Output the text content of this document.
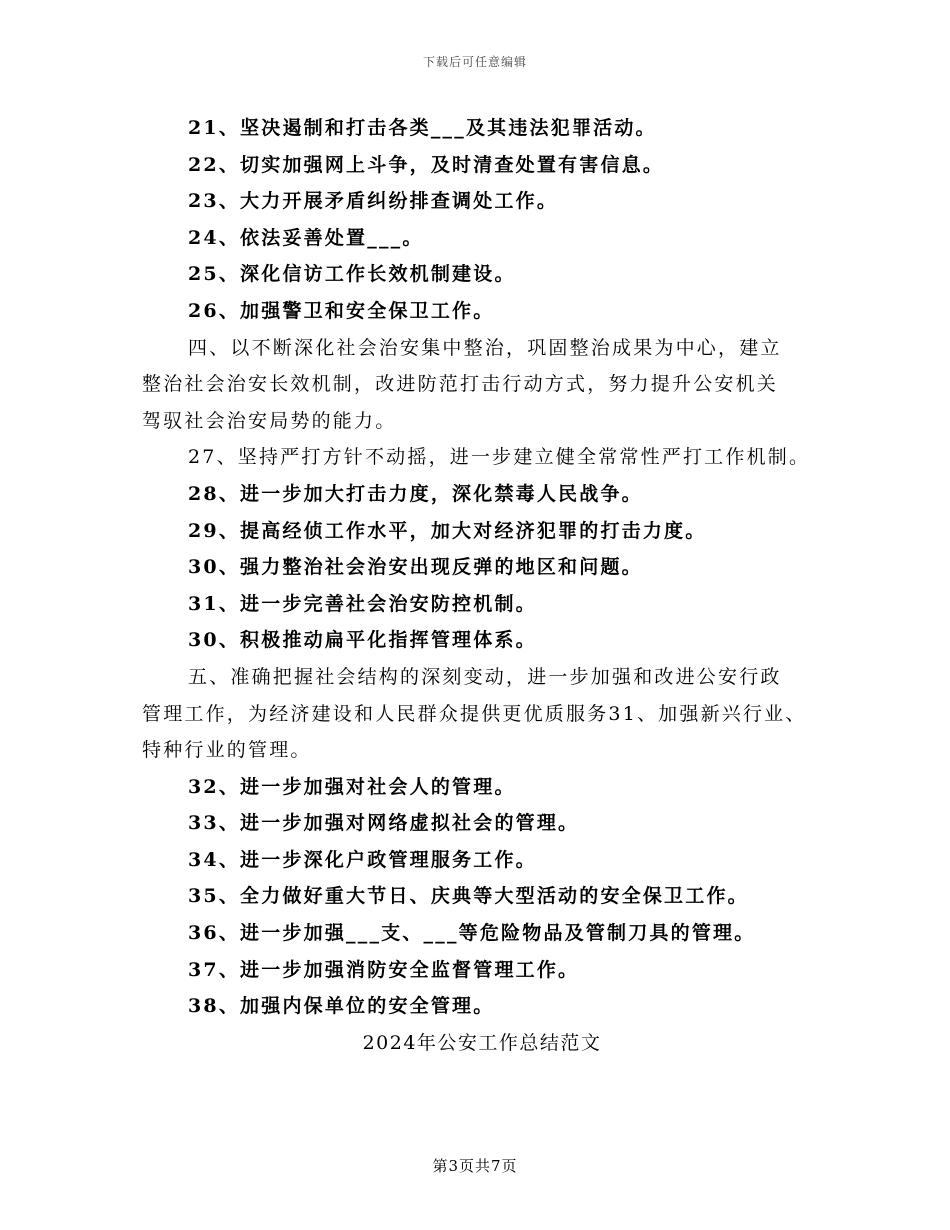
下载后可任意编辑
21、坚决遏制和打击各类___及其违法犯罪活动。
22、切实加强网上斗争，及时清查处置有害信息。
23、大力开展矛盾纠纷排查调处工作。
24、依法妥善处置___。
25、深化信访工作长效机制建设。
26、加强警卫和安全保卫工作。
四、以不断深化社会治安集中整治，巩固整治成果为中心，建立
整治社会治安长效机制，改进防范打击行动方式，努力提升公安机关
驾驭社会治安局势的能力。
27、坚持严打方针不动摇，进一步建立健全常常性严打工作机制。
28、进一步加大打击力度，深化禁毒人民战争。
29、提高经侦工作水平，加大对经济犯罪的打击力度。
30、强力整治社会治安出现反弹的地区和问题。
31、进一步完善社会治安防控机制。
30、积极推动扁平化指挥管理体系。
五、准确把握社会结构的深刻变动，进一步加强和改进公安行政
管理工作，为经济建设和人民群众提供更优质服务31、加强新兴行业、
特种行业的管理。
32、进一步加强对社会人的管理。
33、进一步加强对网络虚拟社会的管理。
34、进一步深化户政管理服务工作。
35、全力做好重大节日、庆典等大型活动的安全保卫工作。
36、进一步加强___支、___等危险物品及管制刀具的管理。
37、进一步加强消防安全监督管理工作。
38、加强内保单位的安全管理。
2024年公安工作总结范文
第3页共7页
